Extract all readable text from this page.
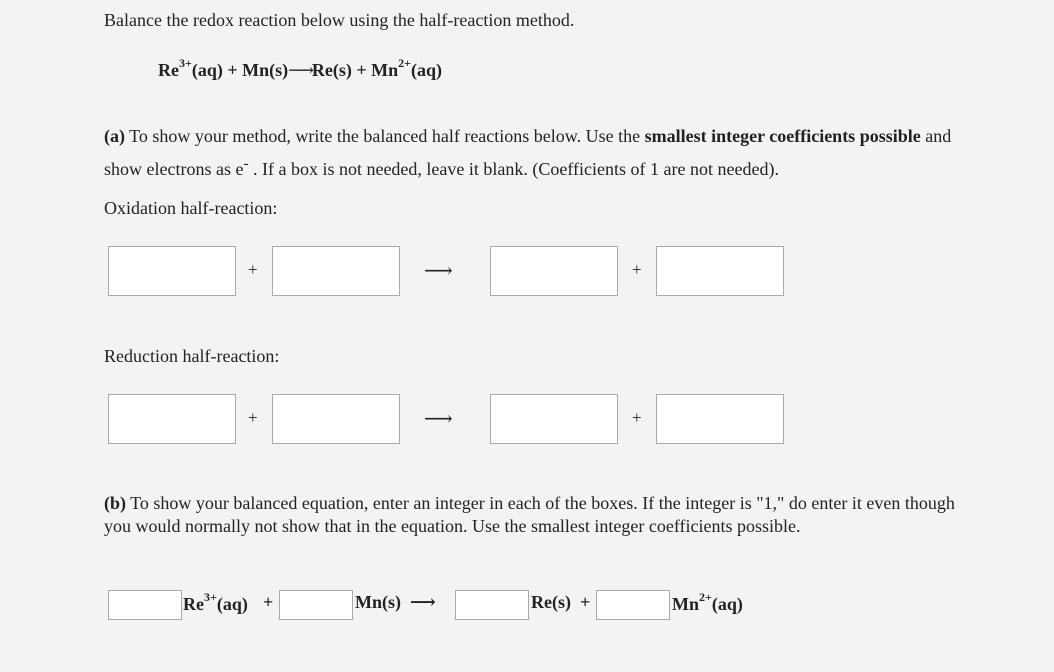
Balance the redox reaction below using the half-reaction method.
$Re^{3+}(aq)$ + Mn(s)⟶Re(s) + $Mn^{2+}(aq)$
(a) To show your method, write the balanced half reactions below. Use the smallest integer coefficients possible and show electrons as e- . If a box is not needed, leave it blank. (Coefficients of 1 are not needed).
Oxidation half-reaction:
+	⟶	+
Reduction half-reaction:
+	⟶	+
(b) To show your balanced equation, enter an integer in each of the boxes. If the integer is "1," do enter it even though you would normally not show that in the equation. Use the smallest integer coefficients possible.
$Re^{3+}(aq)$ +	Mn(s) ⟶	Re(s) +	$Mn^{2+}(aq)$
